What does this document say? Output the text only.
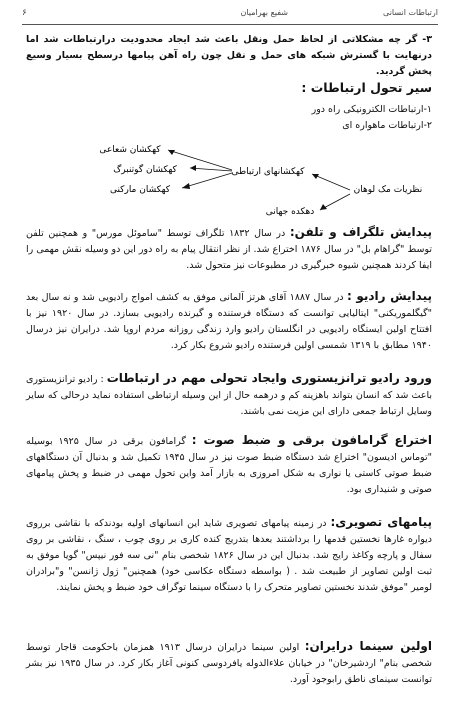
ارتباطات انسانی
شفیع بهرامیان
۶

۳- گر چه مشکلاتی از لحاظ حمل ونقل باعث شد ایجاد محدودیت درارتباطات شد اما درنهایت با گسترش شبکه های حمل و نقل چون راه آهن پیامها درسطح بسیار وسیع پخش گردید.

سیر تحول ارتباطات :
۱-ارتباطات الکترونیکی راه دور
۲-ارتباطات ماهواره ای
کهکشان شعاعی
کهکشان گوتنبرگ
کهکشان مارکنی
کهکشانهای ارتباطی
نظریات مک لوهان
دهکده جهانی

پیدایش تلگراف و تلفن: در سال ۱۸۳۲ تلگراف توسط "ساموئل مورس" و همچنین تلفن توسط "گراهام بل" در سال ۱۸۷۶ اختراع شد. از نظر انتقال پیام به راه دور این دو وسیله نقش مهمی را ایفا کردند همچنین شیوه خبرگیری در مطبوعات نیز متحول شد.

پیدایش رادیو : در سال ۱۸۸۷ آقای هرتز آلمانی موفق به کشف امواج رادیویی شد و نه سال بعد "گیگلموریکنی" ایتالیایی توانست که دستگاه فرستنده و گیرنده رادیویی بسازد. در سال ۱۹۲۰ نیز با افتتاح اولین ایستگاه رادیویی در انگلستان رادیو وارد زندگی روزانه مردم اروپا شد. درایران نیز درسال ۱۹۴۰ مطابق با ۱۳۱۹ شمسی اولین فرستنده رادیو شروع بکار کرد.

ورود رادیو ترانزیستوری وایجاد تحولی مهم در ارتباطات : رادیو ترانزیستوری باعث شد که انسان بتواند باهزینه کم و درهمه حال از این وسیله ارتباطی استفاده نماید درحالی که سایر وسایل ارتباط جمعی دارای این مزیت نمی باشند.

اختراع گرامافون برقی و ضبط صوت : گرامافون برقی در سال ۱۹۲۵ بوسیله "توماس ادیسون" اختراع شد دستگاه ضبط صوت نیز در سال ۱۹۴۵ تکمیل شد و بدنبال آن دستگاههای ضبط صوتی کاستی یا نواری به شکل امروزی به بازار آمد واین تحول مهمی در ضبط و پخش پیامهای صوتی و شنیداری بود.

پیامهای تصویری: در زمینه پیامهای تصویری شاید این انسانهای اولیه بودندکه با نقاشی برروی دیواره غارها نخستین قدمها را برداشتند بعدها بتدریج کنده کاری بر روی چوب ، سنگ ، نقاشی بر روی سفال و پارچه وکاغذ رایج شد. بدنبال این در سال ۱۸۲۶ شخصی بنام "نی سه فور نیپس" گویا موفق به ثبت اولین تصاویر از طبیعت شد . ( بواسطه دستگاه عکاسی خود) همچنین" ژول ژانسن" و"برادران لومیر "موفق شدند نخستین تصاویر متحرک را با دستگاه سینما توگراف خود ضبط و پخش نمایند.

اولین سینما درایران: اولین سینما درایران درسال ۱۹۱۳ همزمان باحکومت قاجار توسط شخصی بنام" اردشیرخان" در خیابان علاءالدوله یافردوسی کنونی آغاز بکار کرد. در سال ۱۹۳۵ نیز بشر توانست سینمای ناطق رابوجود آورد.
